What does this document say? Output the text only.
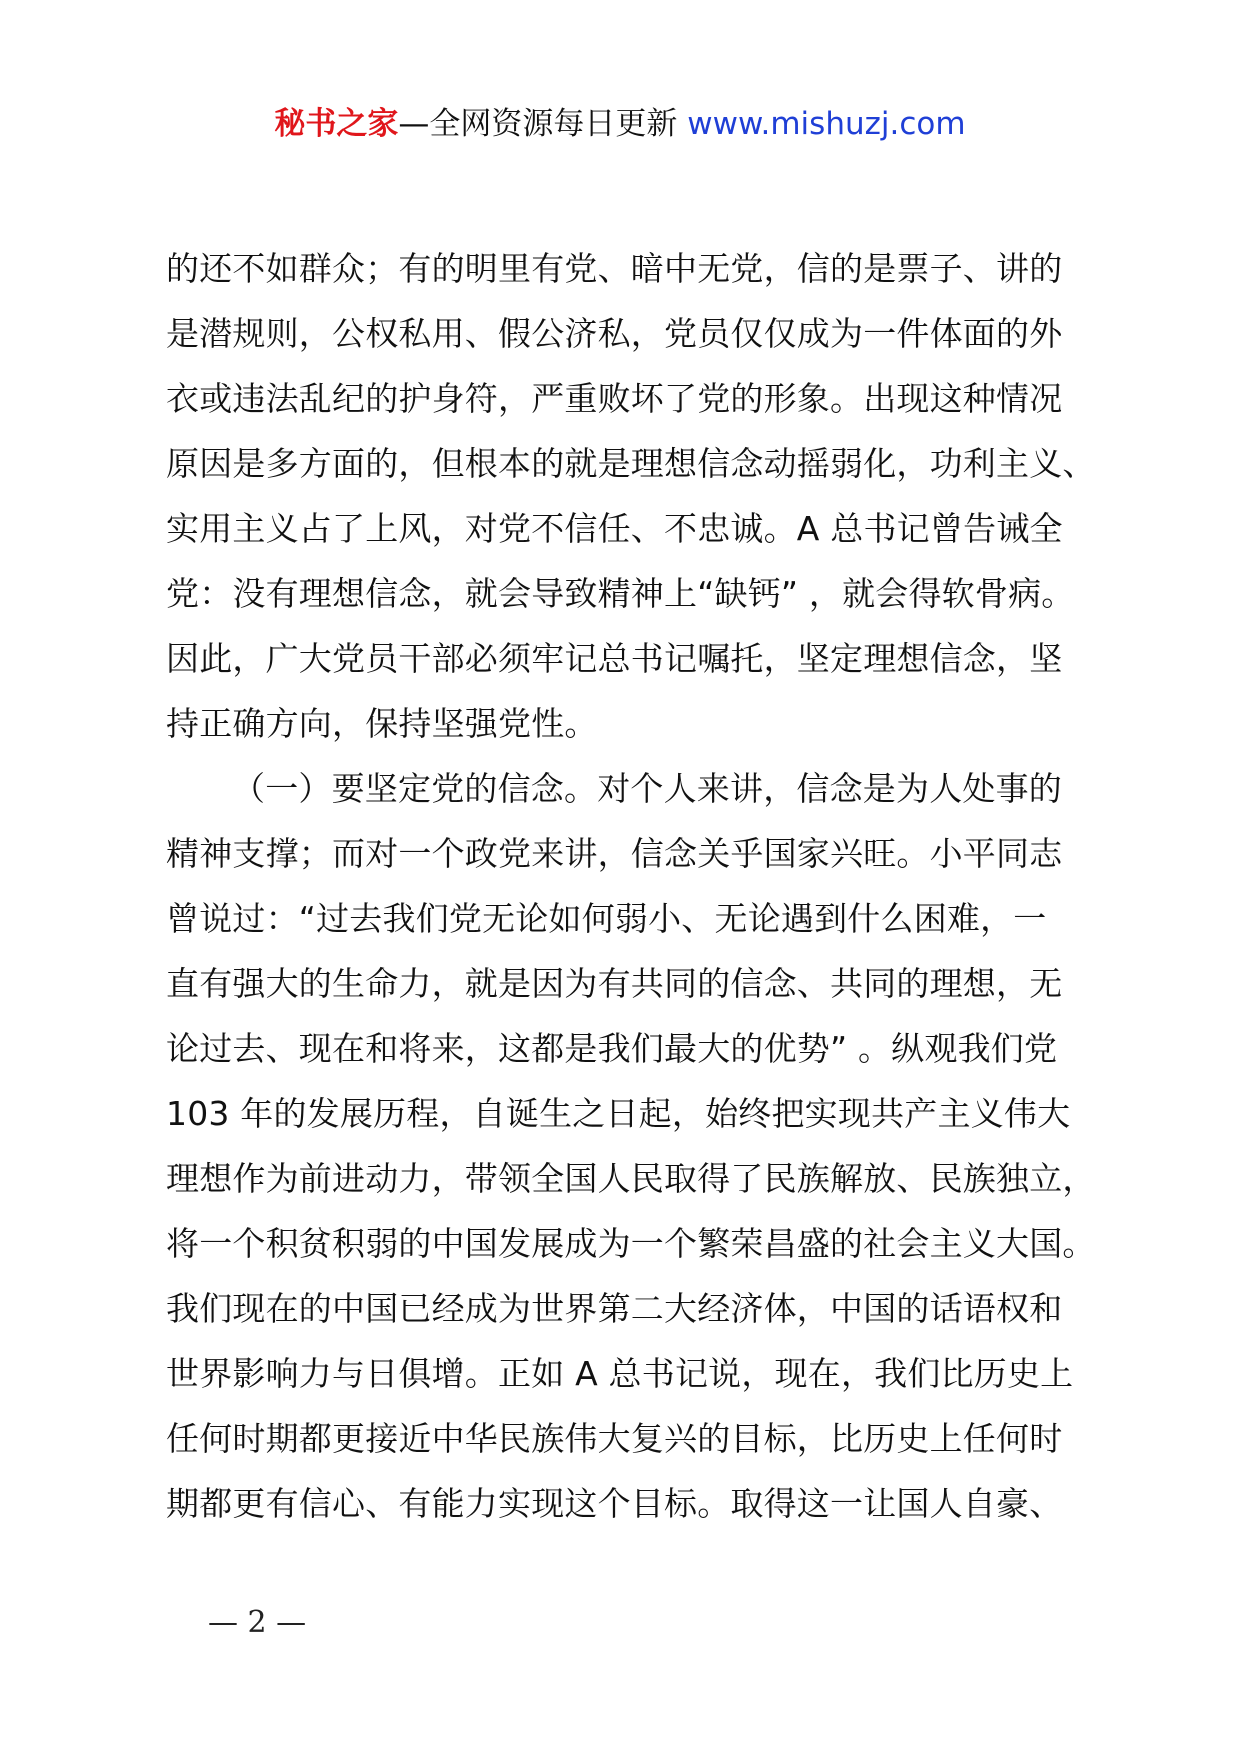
秘书之家—全网资源每日更新 www.mishuzj.com
的还不如群众；有的明里有党、暗中无党，信的是票子、讲的
是潜规则，公权私用、假公济私，党员仅仅成为一件体面的外
衣或违法乱纪的护身符，严重败坏了党的形象。出现这种情况
原因是多方面的，但根本的就是理想信念动摇弱化，功利主义、
实用主义占了上风，对党不信任、不忠诚。A 总书记曾告诫全
党：没有理想信念，就会导致精神上“缺钙” ，就会得软骨病。
因此，广大党员干部必须牢记总书记嘱托，坚定理想信念，坚
持正确方向，保持坚强党性。
（一）要坚定党的信念。对个人来讲，信念是为人处事的
精神支撑；而对一个政党来讲，信念关乎国家兴旺。小平同志
曾说过：“过去我们党无论如何弱小、无论遇到什么困难，一
直有强大的生命力，就是因为有共同的信念、共同的理想，无
论过去、现在和将来，这都是我们最大的优势” 。纵观我们党
103 年的发展历程，自诞生之日起，始终把实现共产主义伟大
理想作为前进动力，带领全国人民取得了民族解放、民族独立，
将一个积贫积弱的中国发展成为一个繁荣昌盛的社会主义大国。
我们现在的中国已经成为世界第二大经济体，中国的话语权和
世界影响力与日俱增。正如 A 总书记说，现在，我们比历史上
任何时期都更接近中华民族伟大复兴的目标，比历史上任何时
期都更有信心、有能力实现这个目标。取得这一让国人自豪、
— 2 —
